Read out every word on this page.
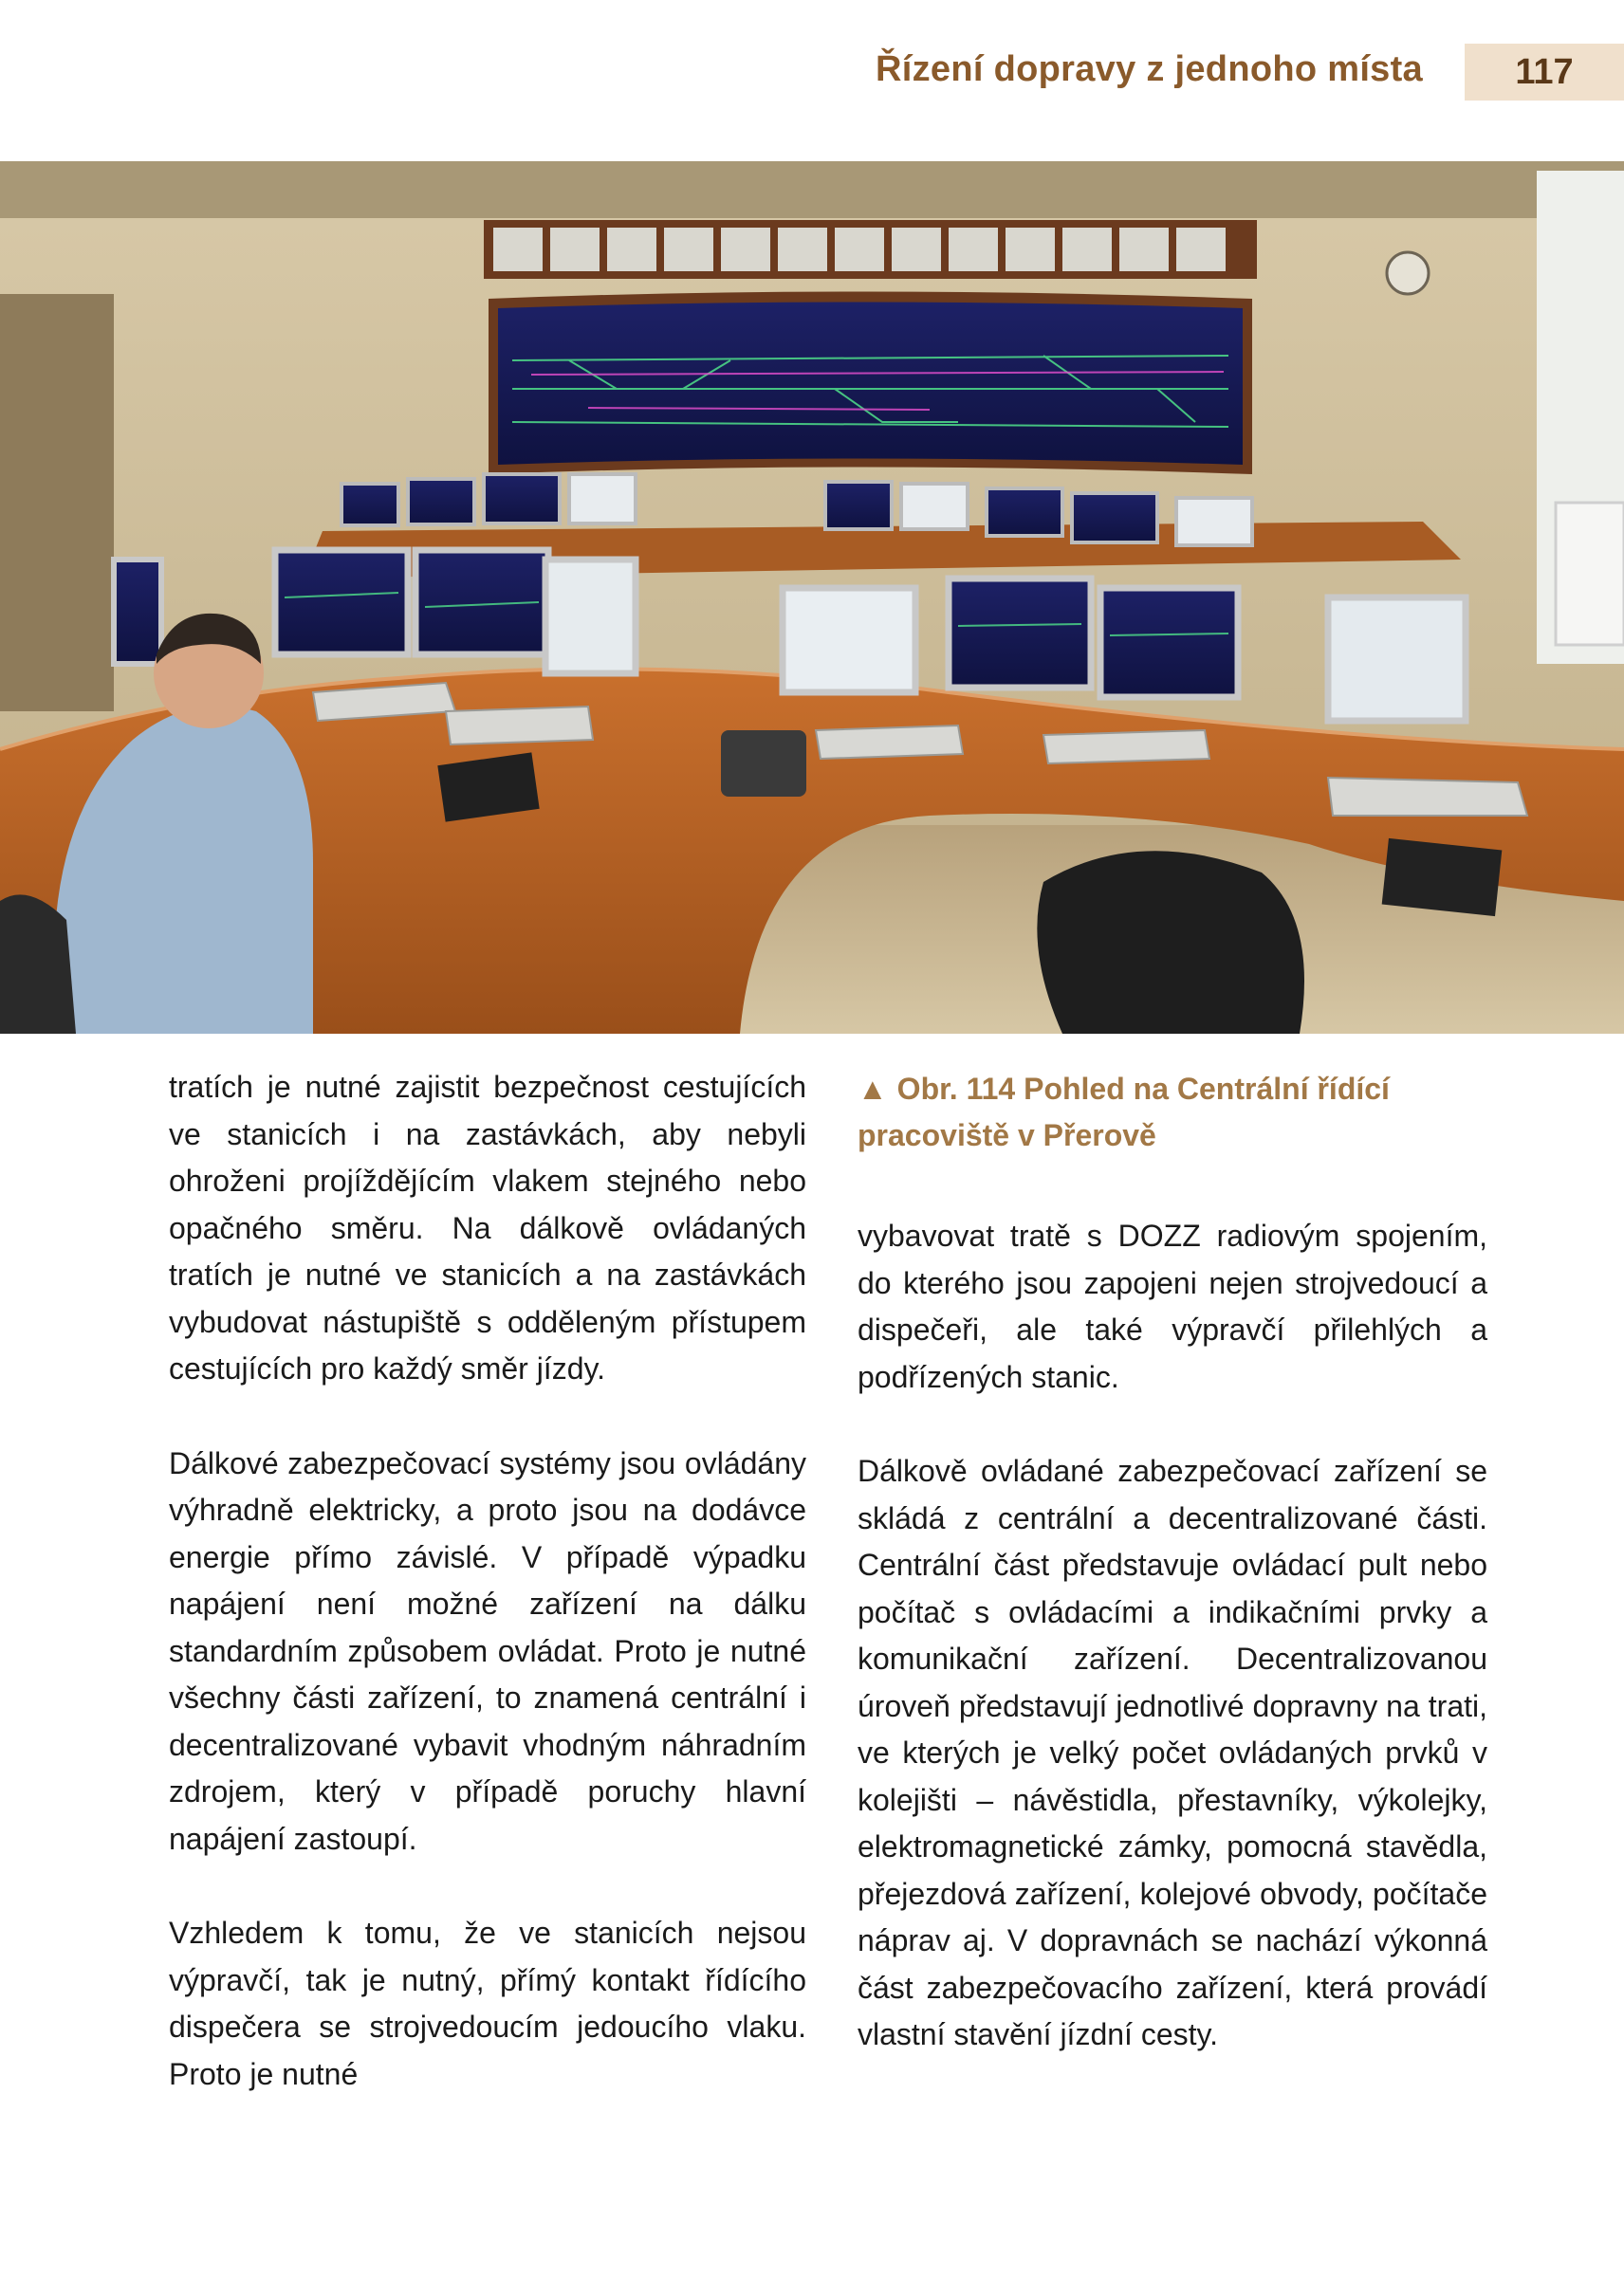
Řízení dopravy z jednoho místa	117

tratích je nutné zajistit bezpečnost cestujících ve stanicích i na zastávkách, aby nebyli ohroženi projíždějícím vlakem stejného nebo opačného směru. Na dálkově ovládaných tratích je nutné ve stanicích a na zastávkách vybudovat nástupiště s odděleným přístupem cestujících pro každý směr jízdy.

Dálkové zabezpečovací systémy jsou ovládány výhradně elektricky, a proto jsou na dodávce energie přímo závislé. V případě výpadku napájení není možné zařízení na dálku standardním způsobem ovládat. Proto je nutné všechny části zařízení, to znamená centrální i decentralizované vybavit vhodným náhradním zdrojem, který v případě poruchy hlavní napájení zastoupí.

Vzhledem k tomu, že ve stanicích nejsou výpravčí, tak je nutný, přímý kontakt řídícího dispečera se strojvedoucím jedoucího vlaku. Proto je nutné

▲ Obr. 114 Pohled na Centrální řídící pracoviště v Přerově

vybavovat tratě s DOZZ radiovým spojením, do kterého jsou zapojeni nejen strojvedoucí a dispečeři, ale také výpravčí přilehlých a podřízených stanic.

Dálkově ovládané zabezpečovací zařízení se skládá z centrální a decentralizované části. Centrální část představuje ovládací pult nebo počítač s ovládacími a indikačními prvky a komunikační zařízení. Decentralizovanou úroveň představují jednotlivé dopravny na trati, ve kterých je velký počet ovládaných prvků v kolejišti – návěstidla, přestavníky, výkolejky, elektromagnetické zámky, pomocná stavědla, přejezdová zařízení, kolejové obvody, počítače náprav aj. V dopravnách se nachází výkonná část zabezpečovacího zařízení, která provádí vlastní stavění jízdní cesty.
